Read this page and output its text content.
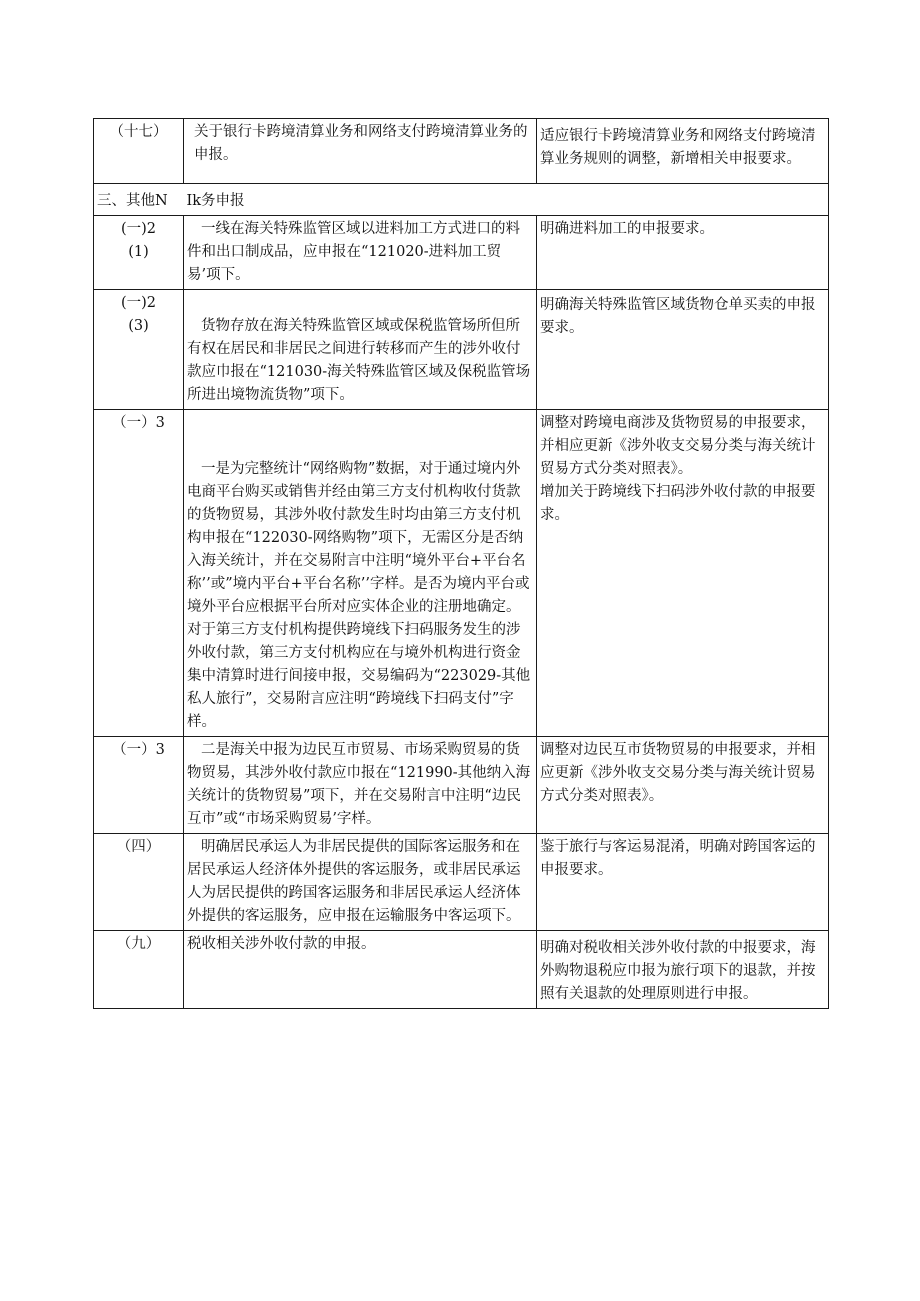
（十七）	关于银行卡跨境清算业务和网络支付跨境清算业务的申报。	适应银行卡跨境清算业务和网络支付跨境清算业务规则的调整，新增相关申报要求。
三、其他N	Ik务申报	

(一)2
(1)	一线在海关特殊监管区域以进料加工方式进口的料件和出口制成品，应申报在“121020-进料加工贸易’项下。	明确进料加工的申报要求。

(一)2
(3)	货物存放在海关特殊监管区域或保税监管场所但所有权在居民和非居民之间进行转移而产生的涉外收付款应巾报在“121030-海关特殊监管区域及保税监管场所进出境物流货物”项下。	明确海关特殊监管区域货物仓单买卖的申报要求。
（一）3	一是为完整统计“网络购物”数据，对于通过境内外电商平台购买或销售并经由第三方支付机构收付货款的货物贸易，其涉外收付款发生时均由第三方支付机构申报在“122030-网络购物”项下，无需区分是否纳入海关统计，并在交易附言中注明“境外平台+平台名称’’或”境内平台+平台名称’’字样。是否为境内平台或境外平台应根据平台所对应实体企业的注册地确定。对于第三方支付机构提供跨境线下扫码服务发生的涉外收付款，第三方支付机构应在与境外机构进行资金集中清算时进行间接申报，交易编码为“223029-其他私人旅行”，交易附言应注明“跨境线下扫码支付”字样。	调整对跨境电商涉及货物贸易的申报要求，并相应更新《涉外收支交易分类与海关统计贸易方式分类对照表》。
增加关于跨境线下扫码涉外收付款的申报要求。

（一）3	二是海关中报为边民互市贸易、市场采购贸易的货物贸易，其涉外收付款应巾报在“121990-其他纳入海关统计的货物贸易”项下，并在交易附言中注明“边民互市”或“市场采购贸易’字样。	调整对边民互市货物贸易的申报要求，并相应更新《涉外收支交易分类与海关统计贸易方式分类对照表》。
（四）	明确居民承运人为非居民提供的国际客运服务和在居民承运人经济体外提供的客运服务，或非居民承运人为居民提供的跨国客运服务和非居民承运人经济体外提供的客运服务，应申报在运输服务中客运项下。	鉴于旅行与客运易混淆，明确对跨国客运的申报要求。
（九）	税收相关涉外收付款的申报。	明确对税收相关涉外收付款的中报要求，海外购物退税应巾报为旅行项下的退款，并按照有关退款的处理原则进行申报。
